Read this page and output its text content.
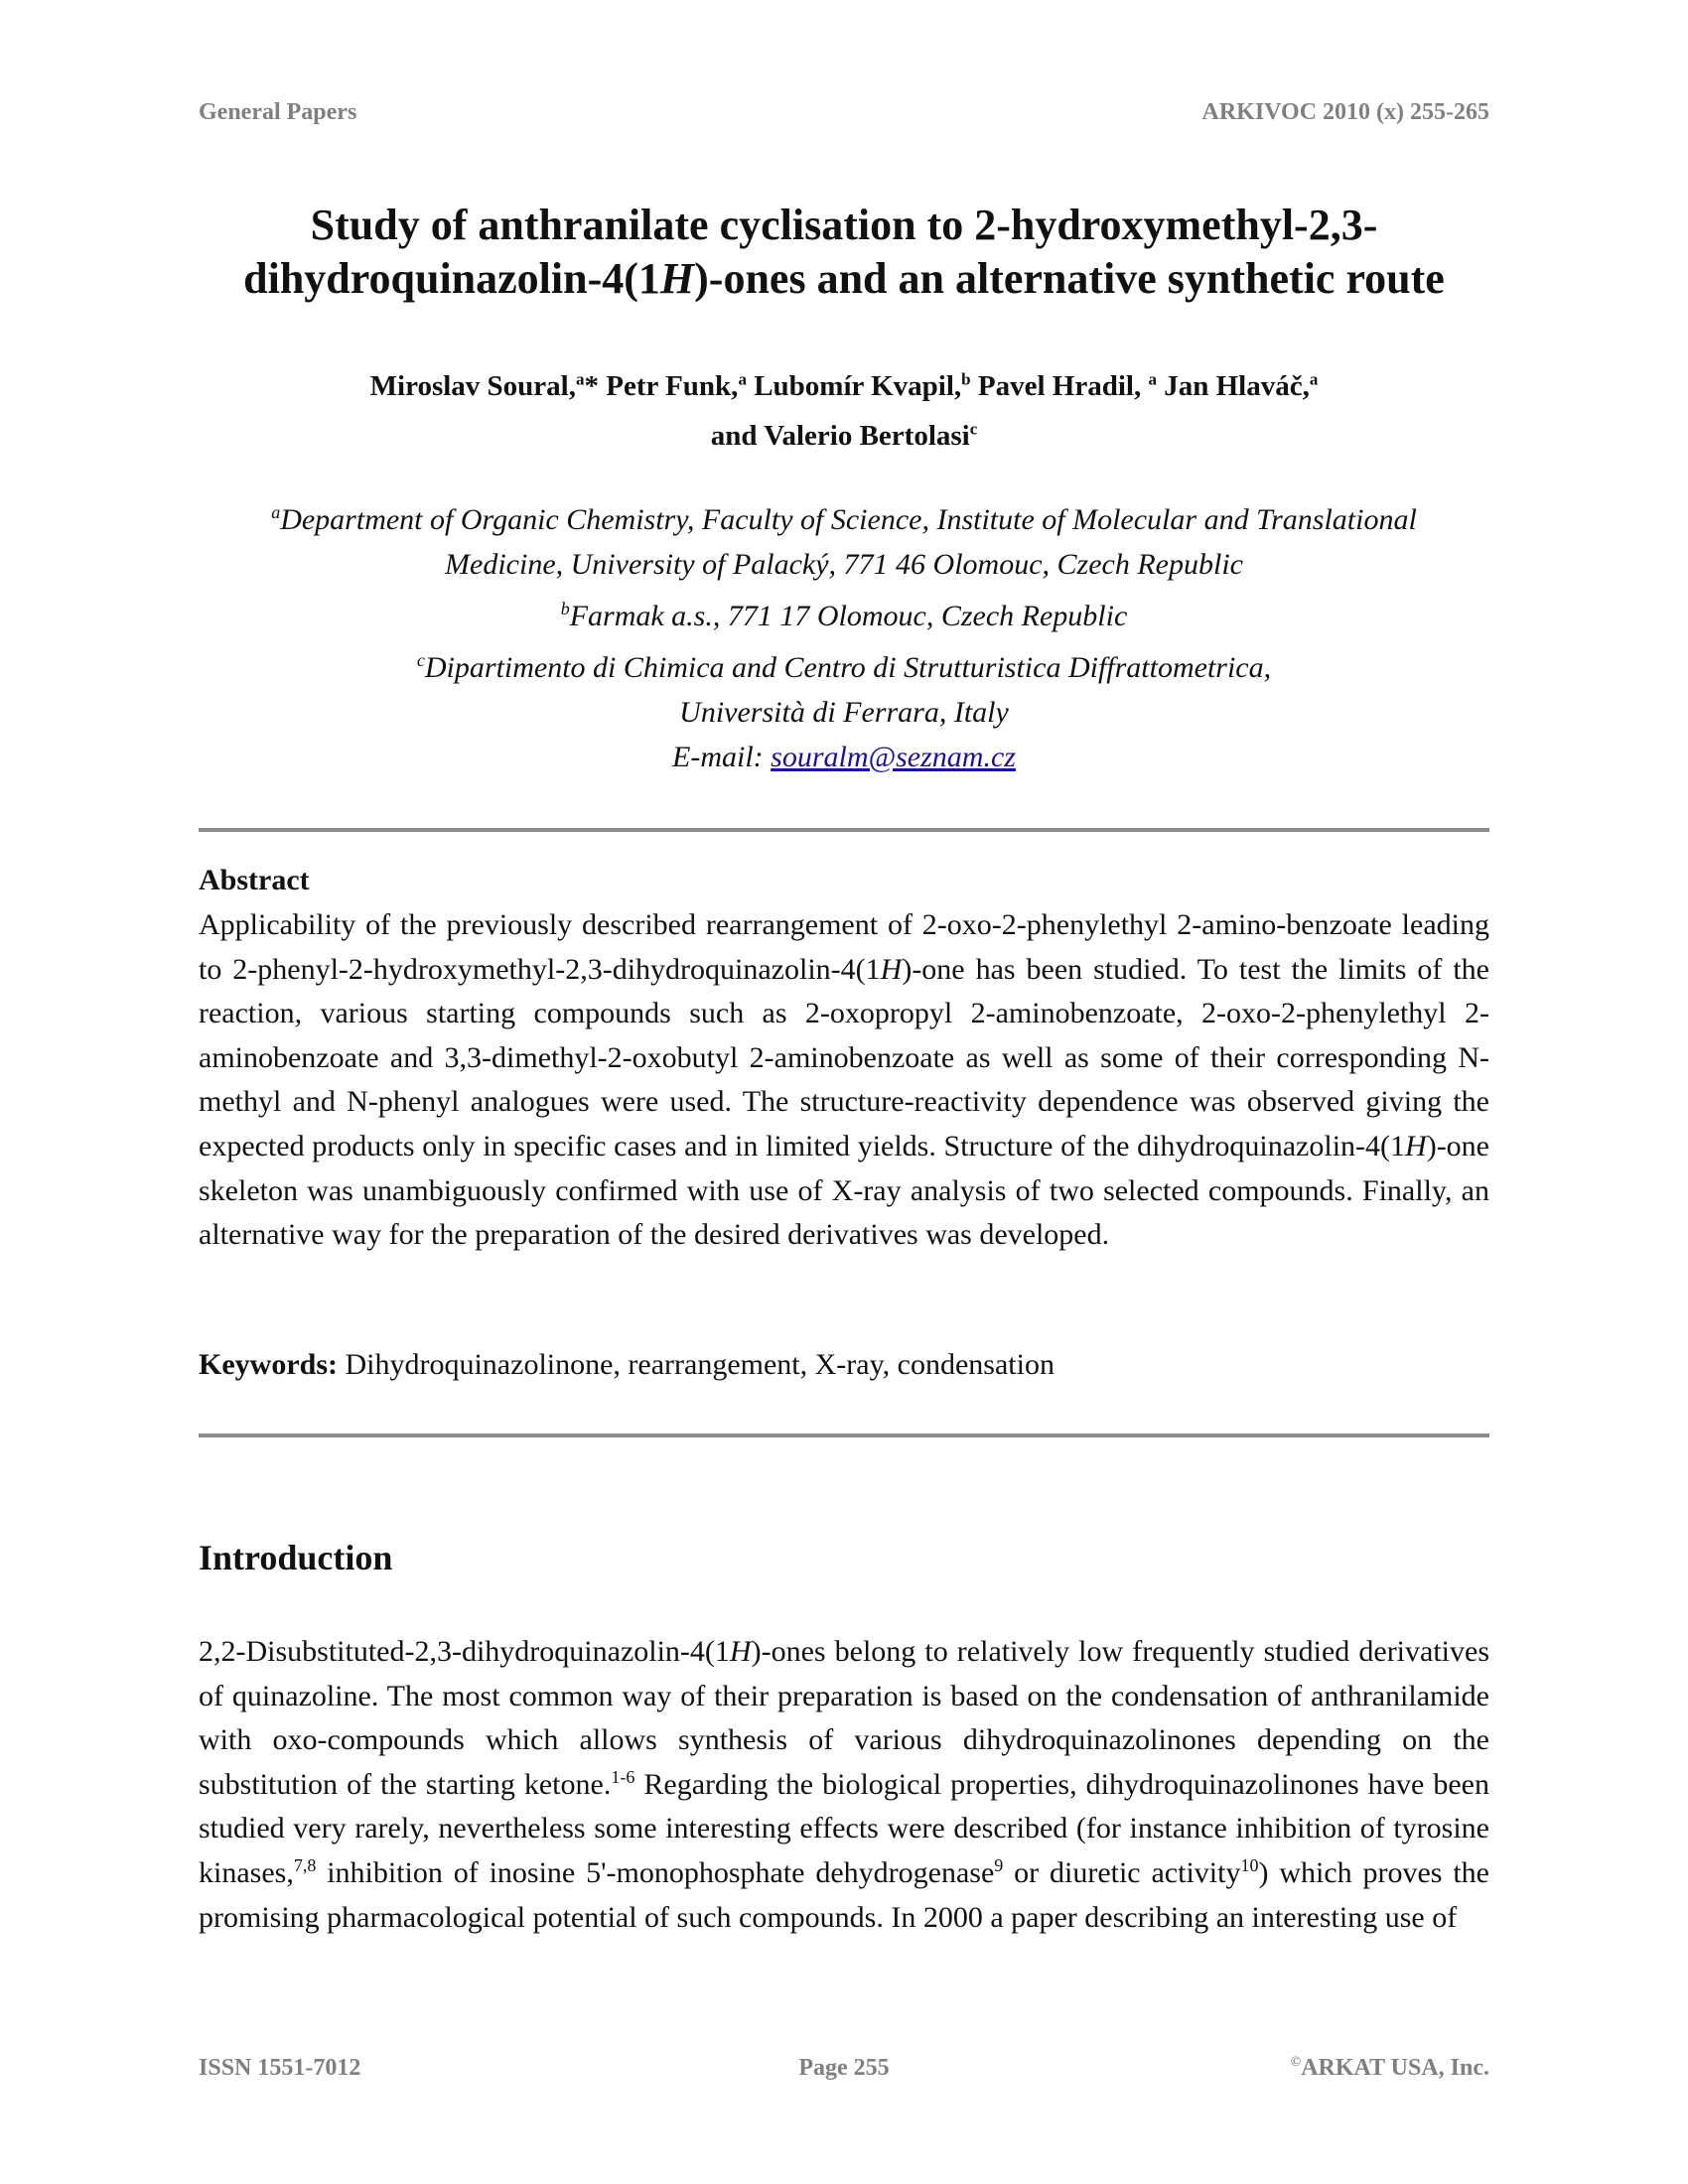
General Papers	ARKIVOC 2010 (x) 255-265
Study of anthranilate cyclisation to 2-hydroxymethyl-2,3-
dihydroquinazolin-4(1H)-ones and an alternative synthetic route
Miroslav Soural,$^a$* Petr Funk,$^a$ Lubomír Kvapil,$^b$ Pavel Hradil, $^a$ Jan Hlaváč,$^a$
and Valerio Bertolasi$^c$
$^a$Department of Organic Chemistry, Faculty of Science, Institute of Molecular and Translational
Medicine, University of Palacký, 771 46 Olomouc, Czech Republic
$^b$Farmak a.s., 771 17 Olomouc, Czech Republic
$^c$Dipartimento di Chimica and Centro di Strutturistica Diffrattometrica,
Università di Ferrara, Italy
E-mail: souralm@seznam.cz
Abstract
Applicability of the previously described rearrangement of 2-oxo-2-phenylethyl 2-amino-benzoate leading to 2-phenyl-2-hydroxymethyl-2,3-dihydroquinazolin-4(1H)-one has been studied. To test the limits of the reaction, various starting compounds such as 2-oxopropyl 2-aminobenzoate, 2-oxo-2-phenylethyl 2-aminobenzoate and 3,3-dimethyl-2-oxobutyl 2-aminobenzoate as well as some of their corresponding N-methyl and N-phenyl analogues were used. The structure-reactivity dependence was observed giving the expected products only in specific cases and in limited yields. Structure of the dihydroquinazolin-4(1H)-one skeleton was unambiguously confirmed with use of X-ray analysis of two selected compounds. Finally, an alternative way for the preparation of the desired derivatives was developed.
Keywords: Dihydroquinazolinone, rearrangement, X-ray, condensation
Introduction
2,2-Disubstituted-2,3-dihydroquinazolin-4(1H)-ones belong to relatively low frequently studied derivatives of quinazoline. The most common way of their preparation is based on the condensation of anthranilamide with oxo-compounds which allows synthesis of various dihydroquinazolinones depending on the substitution of the starting ketone.$^{1-6}$ Regarding the biological properties, dihydroquinazolinones have been studied very rarely, nevertheless some interesting effects were described (for instance inhibition of tyrosine kinases,$^{7,8}$ inhibition of inosine 5'-monophosphate dehydrogenase$^9$ or diuretic activity$^{10}$) which proves the promising pharmacological potential of such compounds. In 2000 a paper describing an interesting use of
ISSN 1551-7012	Page 255	©ARKAT USA, Inc.
